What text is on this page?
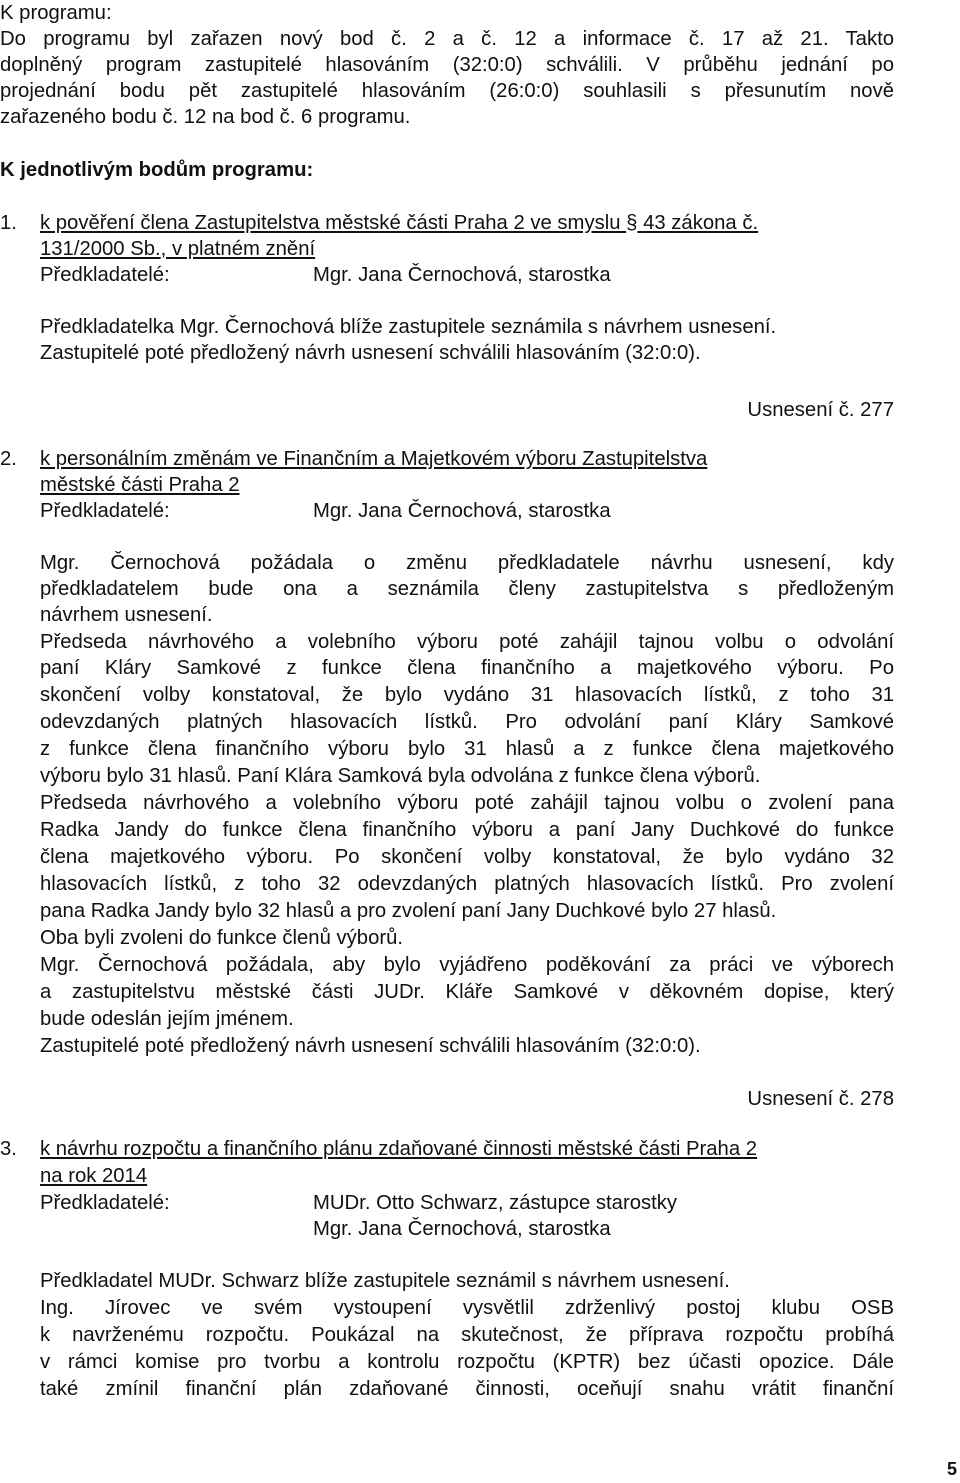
K programu:
Do programu byl zařazen nový bod č. 2 a č. 12 a informace č. 17 až 21. Takto
doplněný program zastupitelé hlasováním (32:0:0) schválili. V průběhu jednání po
projednání bodu pět zastupitelé hlasováním (26:0:0) souhlasili s přesunutím nově
zařazeného bodu č. 12 na bod č. 6 programu.
K jednotlivým bodům programu:
1. k pověření člena Zastupitelstva městské části Praha 2 ve smyslu § 43 zákona č.
131/2000 Sb., v platném znění
Předkladatelé:	Mgr. Jana Černochová, starostka
Předkladatelka Mgr. Černochová blíže zastupitele seznámila s návrhem usnesení.
Zastupitelé poté předložený návrh usnesení schválili hlasováním (32:0:0).
Usnesení č. 277
2. k personálním změnám ve Finančním a Majetkovém výboru Zastupitelstva
městské části Praha 2
Předkladatelé:	Mgr. Jana Černochová, starostka
Mgr. Černochová požádala o změnu předkladatele návrhu usnesení, kdy
předkladatelem bude ona a seznámila členy zastupitelstva s předloženým
návrhem usnesení.
Předseda návrhového a volebního výboru poté zahájil tajnou volbu o odvolání
paní Kláry Samkové z funkce člena finančního a majetkového výboru. Po
skončení volby konstatoval, že bylo vydáno 31 hlasovacích lístků, z toho 31
odevzdaných platných hlasovacích lístků. Pro odvolání paní Kláry Samkové
z funkce člena finančního výboru bylo 31 hlasů a z funkce člena majetkového
výboru bylo 31 hlasů. Paní Klára Samková byla odvolána z funkce člena výborů.
Předseda návrhového a volebního výboru poté zahájil tajnou volbu o zvolení pana
Radka Jandy do funkce člena finančního výboru a paní Jany Duchkové do funkce
člena majetkového výboru. Po skončení volby konstatoval, že bylo vydáno 32
hlasovacích lístků, z toho 32 odevzdaných platných hlasovacích lístků. Pro zvolení
pana Radka Jandy bylo 32 hlasů a pro zvolení paní Jany Duchkové bylo 27 hlasů.
Oba byli zvoleni do funkce členů výborů.
Mgr. Černochová požádala, aby bylo vyjádřeno poděkování za práci ve výborech
a zastupitelstvu městské části JUDr. Kláře Samkové v děkovném dopise, který
bude odeslán jejím jménem.
Zastupitelé poté předložený návrh usnesení schválili hlasováním (32:0:0).
Usnesení č. 278
3. k návrhu rozpočtu a finančního plánu zdaňované činnosti městské části Praha 2
na rok 2014
Předkladatelé:	MUDr. Otto Schwarz, zástupce starostky
Mgr. Jana Černochová, starostka
Předkladatel MUDr. Schwarz blíže zastupitele seznámil s návrhem usnesení.
Ing. Jírovec ve svém vystoupení vysvětlil zdrženlivý postoj klubu OSB
k navrženému rozpočtu. Poukázal na skutečnost, že příprava rozpočtu probíhá
v rámci komise pro tvorbu a kontrolu rozpočtu (KPTR) bez účasti opozice. Dále
také zmínil finanční plán zdaňované činnosti, oceňují snahu vrátit finanční
5
